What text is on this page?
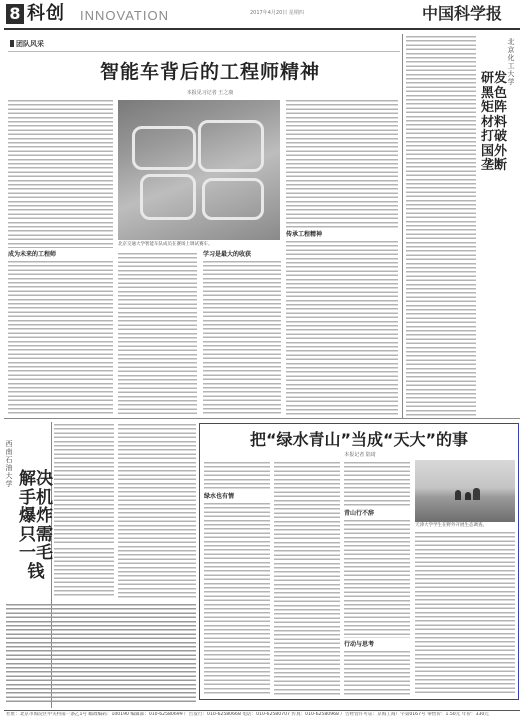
8 科创 INNOVATION	2017年4月20日 星期四	中国科学报
团队风采
智能车背后的工程师精神
本报见习记者 王之康
成为未来的工程师
北京交通大学智能车队成员在赛场上调试赛车。
学习是最大的收获
传承工程精神
北京化工大学
研发黑色矩阵材料打破国外垄断
西南石油大学 解决手机爆炸只需一毛钱
把“绿水青山”当成“天大”的事
本报记者 陆琦
绿水也有情
青山行不辞
行动与思考
天津大学学生在野外开展生态调查。
社址：北京市海淀区中关村南一条乙1号 邮政编码：100190 编辑部：010-62580699 广告发行：010-62580668 电话：010-62580707 传真：010-62580968 广告经营许可证：京海工商广字第0167号 零售价：1.50元 年价：330元
